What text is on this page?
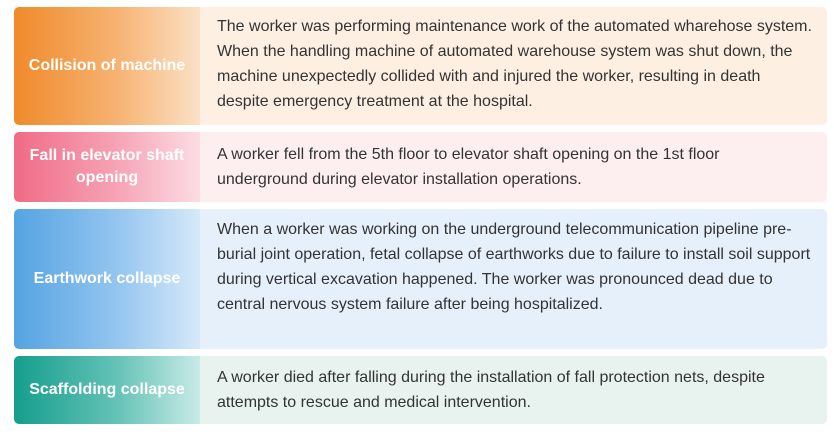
Collision of machine
The worker was performing maintenance work of the automated wharehose system. When the handling machine of automated warehouse system was shut down, the machine unexpectedly collided with and injured the worker, resulting in death despite emergency treatment at the hospital.
Fall in elevator shaft opening
A worker fell from the 5th floor to elevator shaft opening on the 1st floor underground during elevator installation operations.
Earthwork collapse
When a worker was working on the underground telecommunication pipeline pre-burial joint operation, fetal collapse of earthworks due to failure to install soil support during vertical excavation happened. The worker was pronounced dead due to central nervous system failure after being hospitalized.
Scaffolding collapse
A worker died after falling during the installation of fall protection nets, despite attempts to rescue and medical intervention.
